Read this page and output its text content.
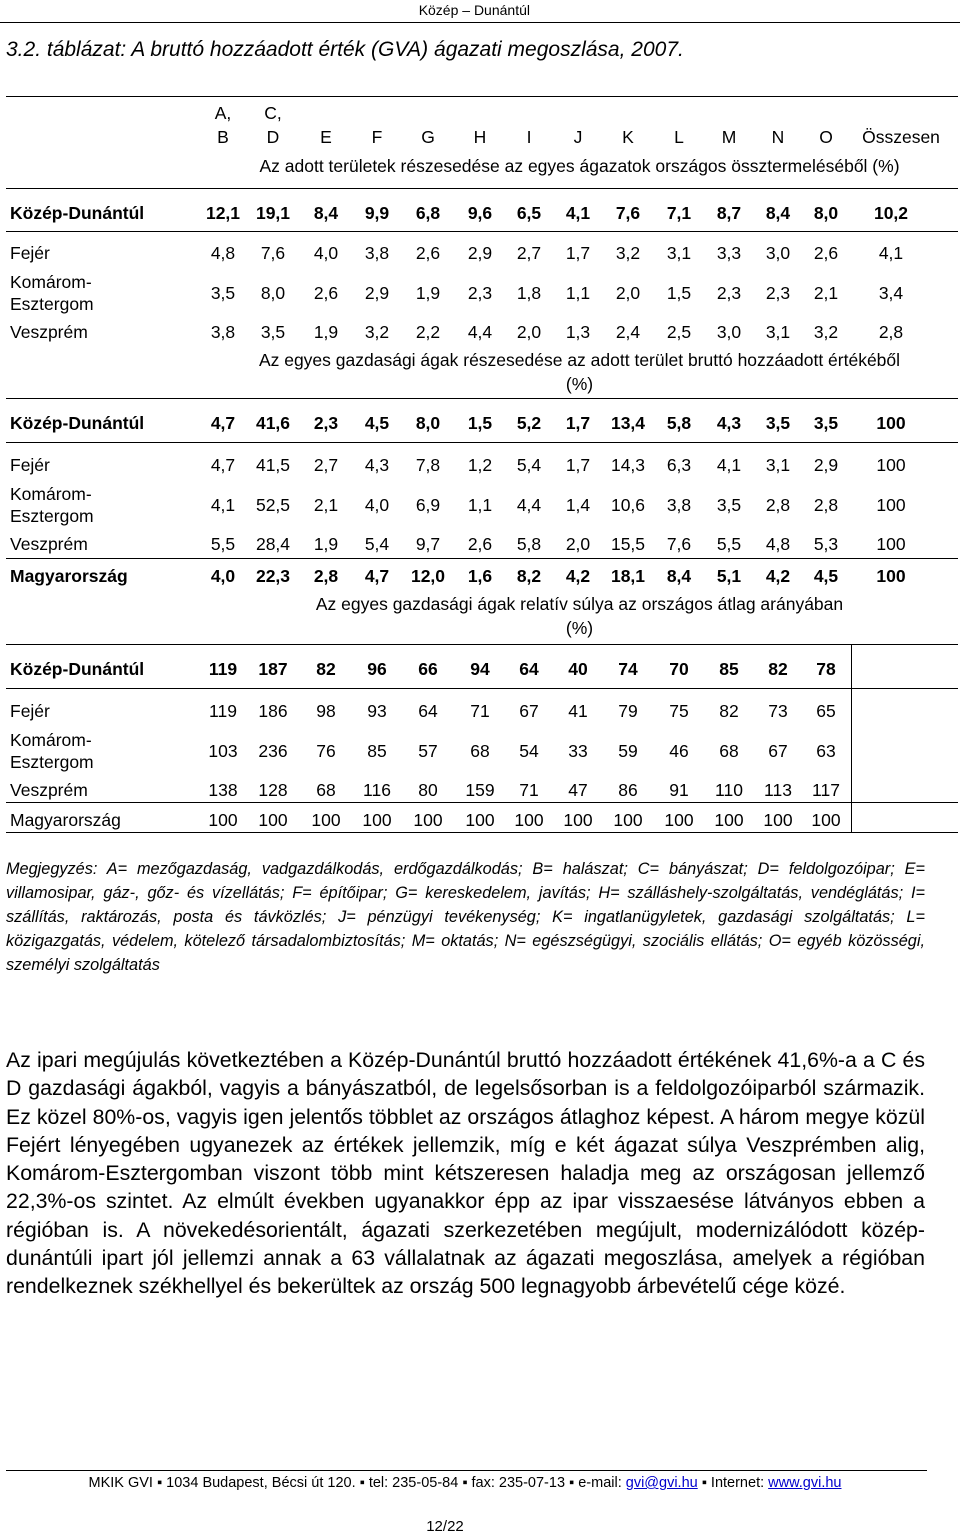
Közép – Dunántúl
3.2. táblázat: A bruttó hozzáadott érték (GVA) ágazati megoszlása, 2007.
A,	C,
B	D	E	F	G	H	I	J	K	L	M	N	O	Összesen
Az adott területek részesedése az egyes ágazatok országos össztermeléséből (%)
Közép-Dunántúl	12,1 19,1	8,4	9,9	6,8	9,6	6,5	4,1	7,6	7,1	8,7	8,4	8,0	10,2
Fejér	4,8	7,6	4,0	3,8	2,6	2,9	2,7	1,7	3,2	3,1	3,3	3,0	2,6	4,1
Komárom-
Esztergom
3,5	8,0	2,6	2,9	1,9	2,3	1,8	1,1	2,0	1,5	2,3	2,3	2,1	3,4
Veszprém	3,8	3,5	1,9	3,2	2,2	4,4	2,0	1,3	2,4	2,5	3,0	3,1	3,2	2,8
Az egyes gazdasági ágak részesedése az adott terület bruttó hozzáadott értékéből
(%)
Közép-Dunántúl	4,7	41,6	2,3	4,5	8,0	1,5	5,2	1,7	13,4	5,8	4,3	3,5	3,5	100
Fejér	4,7	41,5	2,7	4,3	7,8	1,2	5,4	1,7	14,3	6,3	4,1	3,1	2,9	100
Komárom-
Esztergom
4,1	52,5	2,1	4,0	6,9	1,1	4,4	1,4	10,6	3,8	3,5	2,8	2,8	100
Veszprém	5,5	28,4	1,9	5,4	9,7	2,6	5,8	2,0	15,5	7,6	5,5	4,8	5,3	100
Magyarország	4,0	22,3	2,8	4,7	12,0	1,6	8,2	4,2	18,1	8,4	5,1	4,2	4,5	100
Az egyes gazdasági ágak relatív súlya az országos átlag arányában
(%)
Közép-Dunántúl	119	187	82	96	66	94	64	40	74	70	85	82	78
Fejér	119	186	98	93	64	71	67	41	79	75	82	73	65
Komárom-
Esztergom
103	236	76	85	57	68	54	33	59	46	68	67	63
Veszprém	138	128	68	116	80	159	71	47	86	91	110	113	117
Magyarország	100	100	100	100	100	100	100	100	100	100	100	100	100
Megjegyzés: A= mezőgazdaság, vadgazdálkodás, erdőgazdálkodás; B= halászat; C= bányászat; D= feldolgozóipar; E= villamosipar, gáz-, gőz- és vízellátás; F= építőipar; G= kereskedelem, javítás; H= szálláshely-szolgáltatás, vendéglátás; I= szállítás, raktározás, posta és távközlés; J= pénzügyi tevékenység; K= ingatlanügyletek, gazdasági szolgáltatás; L= közigazgatás, védelem, kötelező társadalombiztosítás; M= oktatás; N= egészségügyi, szociális ellátás; O= egyéb közösségi, személyi szolgáltatás
Az ipari megújulás következtében a Közép-Dunántúl bruttó hozzáadott értékének 41,6%-a a C és D gazdasági ágakból, vagyis a bányászatból, de legelsősorban is a feldolgozóiparból származik. Ez közel 80%-os, vagyis igen jelentős többlet az országos átlaghoz képest. A három megye közül Fejért lényegében ugyanezek az értékek jellemzik, míg e két ágazat súlya Veszprémben alig, Komárom-Esztergomban viszont több mint kétszeresen haladja meg az országosan jellemző 22,3%-os szintet. Az elmúlt években ugyanakkor épp az ipar visszaesése látványos ebben a régióban is. A növekedésorientált, ágazati szerkezetében megújult, modernizálódott közép-dunántúli ipart jól jellemzi annak a 63 vállalatnak az ágazati megoszlása, amelyek a régióban rendelkeznek székhellyel és bekerültek az ország 500 legnagyobb árbevételű cége közé.
MKIK GVI ▪ 1034 Budapest, Bécsi út 120. ▪ tel: 235-05-84 ▪ fax: 235-07-13 ▪ e-mail: gvi@gvi.hu ▪ Internet: www.gvi.hu
12/22
